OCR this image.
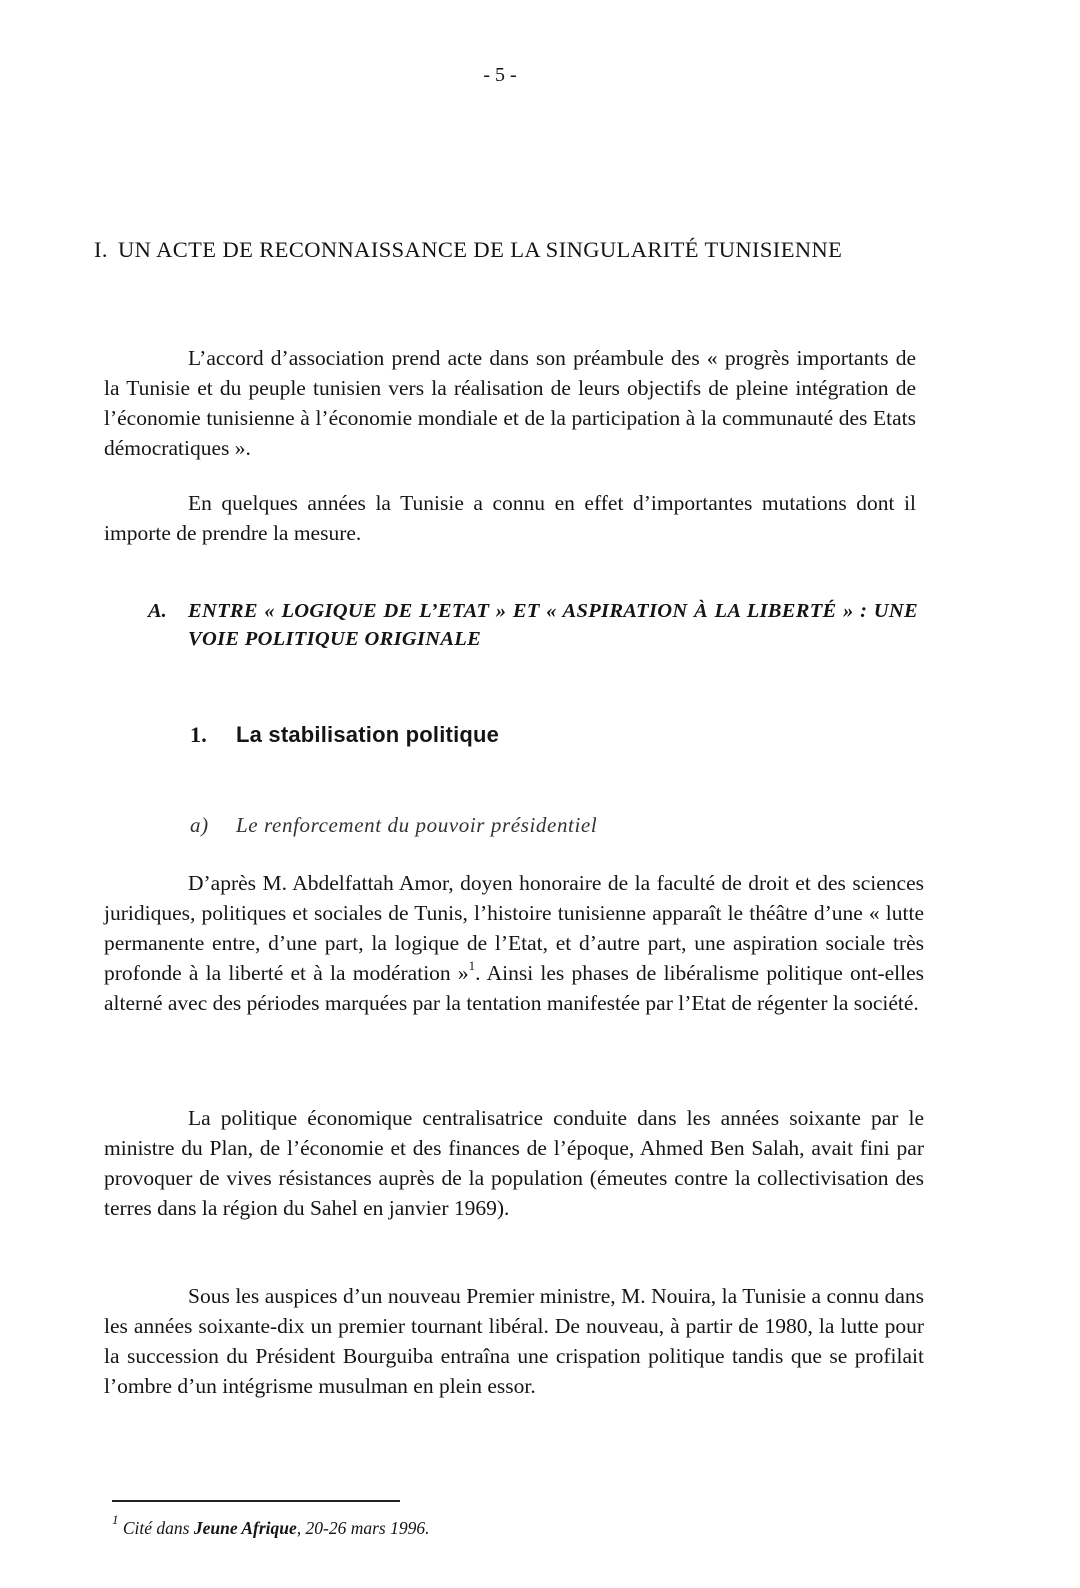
- 5 -
I. UN ACTE DE RECONNAISSANCE DE LA SINGULARITÉ TUNISIENNE

L’accord d’association prend acte dans son préambule des « progrès importants de la Tunisie et du peuple tunisien vers la réalisation de leurs objectifs de pleine intégration de l’économie tunisienne à l’économie mondiale et de la participation à la communauté des Etats démocratiques ».

En quelques années la Tunisie a connu en effet d’importantes mutations dont il importe de prendre la mesure.

A. ENTRE « LOGIQUE DE L’ETAT » ET « ASPIRATION À LA LIBERTÉ » : UNE VOIE POLITIQUE ORIGINALE
1. La stabilisation politique
a) Le renforcement du pouvoir présidentiel

D’après M. Abdelfattah Amor, doyen honoraire de la faculté de droit et des sciences juridiques, politiques et sociales de Tunis, l’histoire tunisienne apparaît le théâtre d’une « lutte permanente entre, d’une part, la logique de l’Etat, et d’autre part, une aspiration sociale très profonde à la liberté et à la modération »$^1$. Ainsi les phases de libéralisme politique ont-elles alterné avec des périodes marquées par la tentation manifestée par l’Etat de régenter la société.

La politique économique centralisatrice conduite dans les années soixante par le ministre du Plan, de l’économie et des finances de l’époque, Ahmed Ben Salah, avait fini par provoquer de vives résistances auprès de la population (émeutes contre la collectivisation des terres dans la région du Sahel en janvier 1969).

Sous les auspices d’un nouveau Premier ministre, M. Nouira, la Tunisie a connu dans les années soixante-dix un premier tournant libéral. De nouveau, à partir de 1980, la lutte pour la succession du Président Bourguiba entraîna une crispation politique tandis que se profilait l’ombre d’un intégrisme musulman en plein essor.

$^1$ Cité dans Jeune Afrique, 20-26 mars 1996.
